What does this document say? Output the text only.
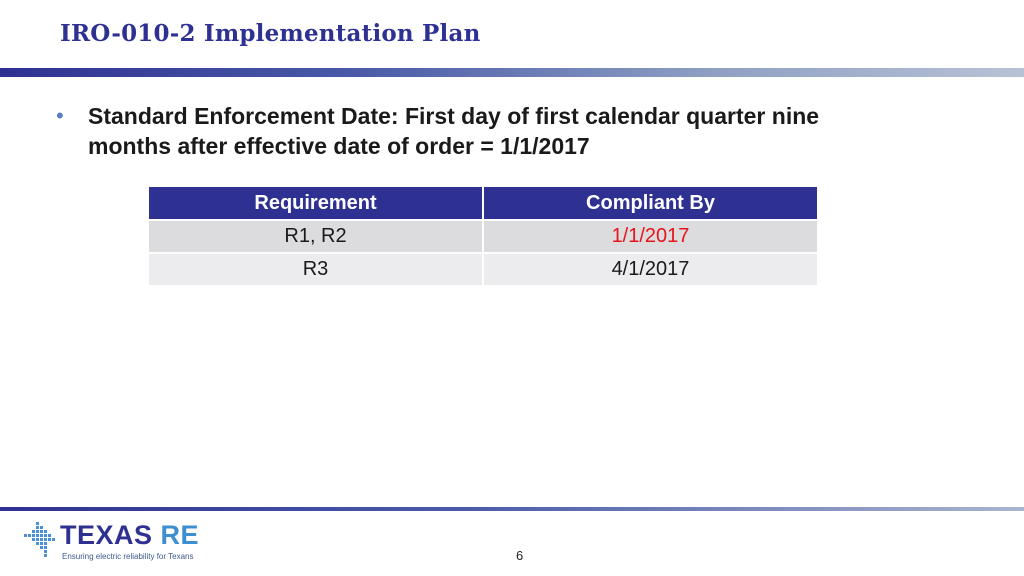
IRO-010-2 Implementation Plan
• Standard Enforcement Date: First day of first calendar quarter nine months after effective date of order = 1/1/2017
Requirement	Compliant By
R1, R2	1/1/2017
R3	4/1/2017
TEXAS RE
Ensuring electric reliability for Texans	6
